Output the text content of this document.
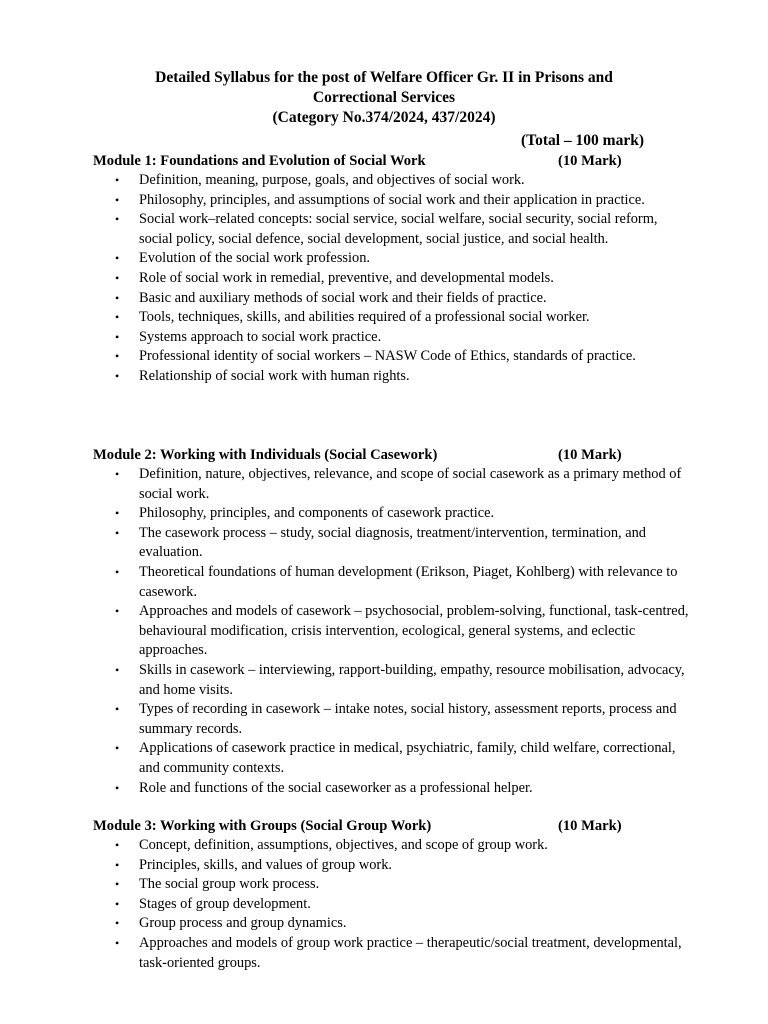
Detailed Syllabus for the post of Welfare Officer Gr. II in Prisons and
Correctional Services
(Category No.374/2024, 437/2024)
(Total – 100 mark)
Module 1: Foundations and Evolution of Social Work	(10 Mark)
• Definition, meaning, purpose, goals, and objectives of social work.
• Philosophy, principles, and assumptions of social work and their application in practice.
• Social work–related concepts: social service, social welfare, social security, social reform, social policy, social defence, social development, social justice, and social health.
• Evolution of the social work profession.
• Role of social work in remedial, preventive, and developmental models.
• Basic and auxiliary methods of social work and their fields of practice.
• Tools, techniques, skills, and abilities required of a professional social worker.
• Systems approach to social work practice.
• Professional identity of social workers – NASW Code of Ethics, standards of practice.
• Relationship of social work with human rights.
Module 2: Working with Individuals (Social Casework)	(10 Mark)
• Definition, nature, objectives, relevance, and scope of social casework as a primary method of social work.
• Philosophy, principles, and components of casework practice.
• The casework process – study, social diagnosis, treatment/intervention, termination, and evaluation.
• Theoretical foundations of human development (Erikson, Piaget, Kohlberg) with relevance to casework.
• Approaches and models of casework – psychosocial, problem-solving, functional, task-centred, behavioural modification, crisis intervention, ecological, general systems, and eclectic approaches.
• Skills in casework – interviewing, rapport-building, empathy, resource mobilisation, advocacy, and home visits.
• Types of recording in casework – intake notes, social history, assessment reports, process and summary records.
• Applications of casework practice in medical, psychiatric, family, child welfare, correctional, and community contexts.
• Role and functions of the social caseworker as a professional helper.
Module 3: Working with Groups (Social Group Work)	(10 Mark)
• Concept, definition, assumptions, objectives, and scope of group work.
• Principles, skills, and values of group work.
• The social group work process.
• Stages of group development.
• Group process and group dynamics.
• Approaches and models of group work practice – therapeutic/social treatment, developmental, task-oriented groups.
